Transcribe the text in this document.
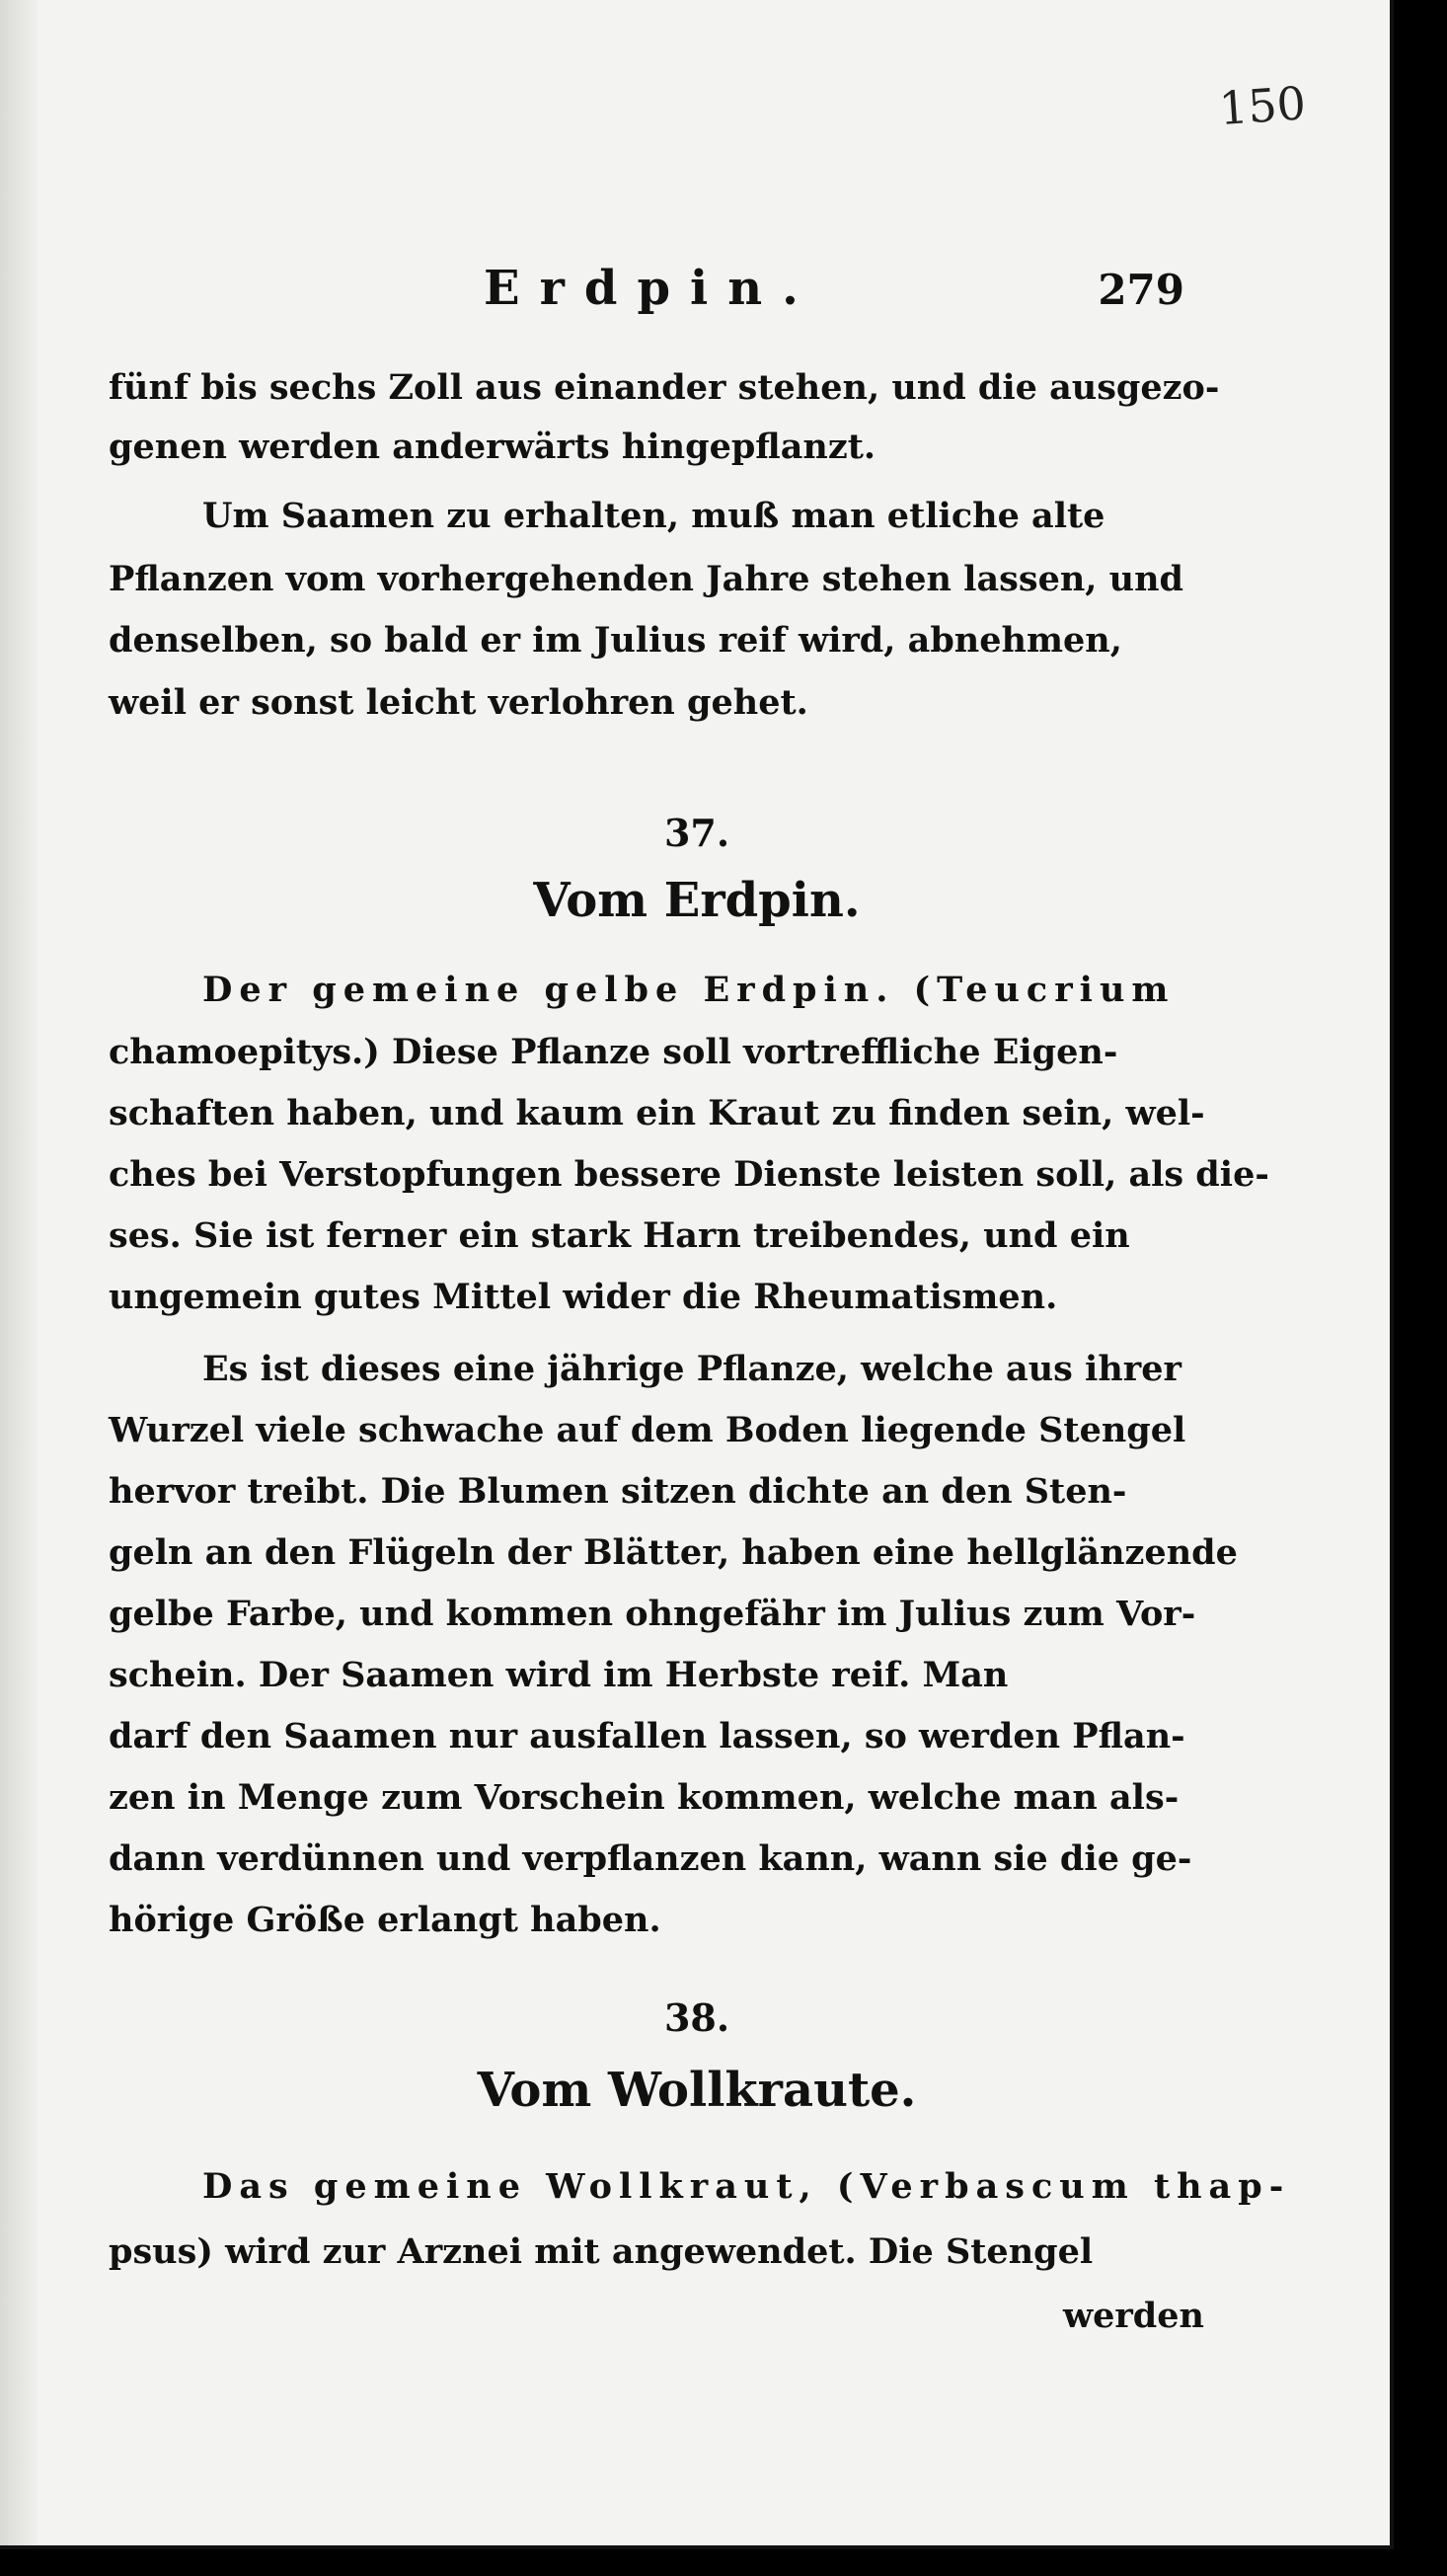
150
Erdpin.	279
fünf bis sechs Zoll aus einander stehen, und die ausgezo-
genen werden anderwärts hingepflanzt.
Um Saamen zu erhalten, muß man etliche alte
Pflanzen vom vorhergehenden Jahre stehen lassen, und
denselben, so bald er im Julius reif wird, abnehmen,
weil er sonst leicht verlohren gehet.
37.
Vom Erdpin.
Der gemeine gelbe Erdpin. (Teucrium
chamoepitys.) Diese Pflanze soll vortreffliche Eigen-
schaften haben, und kaum ein Kraut zu finden sein, wel-
ches bei Verstopfungen bessere Dienste leisten soll, als die-
ses. Sie ist ferner ein stark Harn treibendes, und ein
ungemein gutes Mittel wider die Rheumatismen.
Es ist dieses eine jährige Pflanze, welche aus ihrer
Wurzel viele schwache auf dem Boden liegende Stengel
hervor treibt. Die Blumen sitzen dichte an den Sten-
geln an den Flügeln der Blätter, haben eine hellglänzende
gelbe Farbe, und kommen ohngefähr im Julius zum Vor-
schein. Der Saamen wird im Herbste reif. Man
darf den Saamen nur ausfallen lassen, so werden Pflan-
zen in Menge zum Vorschein kommen, welche man als-
dann verdünnen und verpflanzen kann, wann sie die ge-
hörige Größe erlangt haben.
38.
Vom Wollkraute.
Das gemeine Wollkraut, (Verbascum thap-
psus) wird zur Arznei mit angewendet. Die Stengel
werden
